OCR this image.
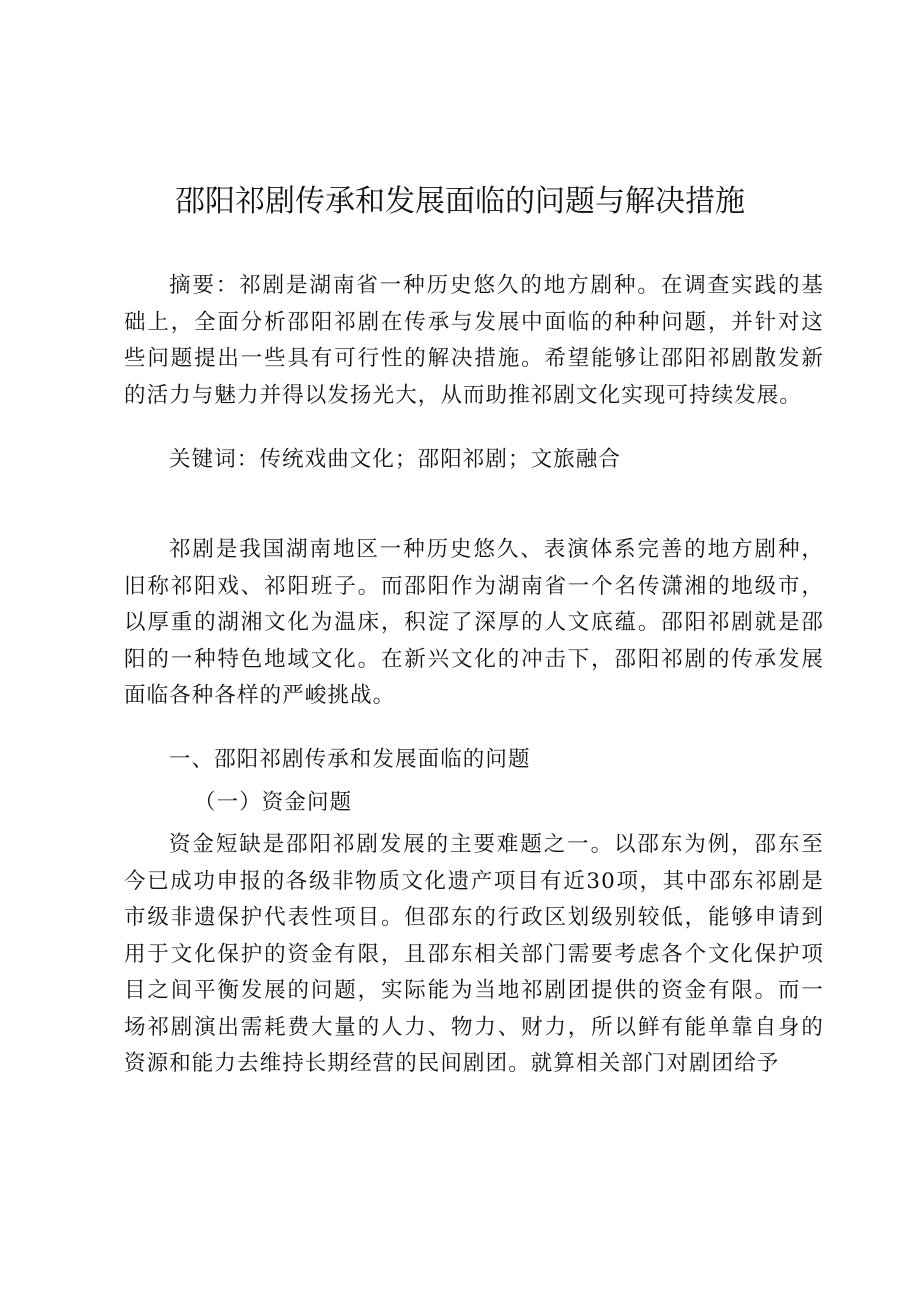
邵阳祁剧传承和发展面临的问题与解决措施

摘要：祁剧是湖南省一种历史悠久的地方剧种。在调查实践的基础上，全面分析邵阳祁剧在传承与发展中面临的种种问题，并针对这些问题提出一些具有可行性的解决措施。希望能够让邵阳祁剧散发新的活力与魅力并得以发扬光大，从而助推祁剧文化实现可持续发展。

关键词：传统戏曲文化；邵阳祁剧；文旅融合

祁剧是我国湖南地区一种历史悠久、表演体系完善的地方剧种，旧称祁阳戏、祁阳班子。而邵阳作为湖南省一个名传潇湘的地级市，以厚重的湖湘文化为温床，积淀了深厚的人文底蕴。邵阳祁剧就是邵阳的一种特色地域文化。在新兴文化的冲击下，邵阳祁剧的传承发展面临各种各样的严峻挑战。

一、邵阳祁剧传承和发展面临的问题

（一）资金问题

资金短缺是邵阳祁剧发展的主要难题之一。以邵东为例，邵东至今已成功申报的各级非物质文化遗产项目有近30项，其中邵东祁剧是市级非遗保护代表性项目。但邵东的行政区划级别较低，能够申请到用于文化保护的资金有限，且邵东相关部门需要考虑各个文化保护项目之间平衡发展的问题，实际能为当地祁剧团提供的资金有限。而一场祁剧演出需耗费大量的人力、物力、财力，所以鲜有能单靠自身的资源和能力去维持长期经营的民间剧团。就算相关部门对剧团给予
